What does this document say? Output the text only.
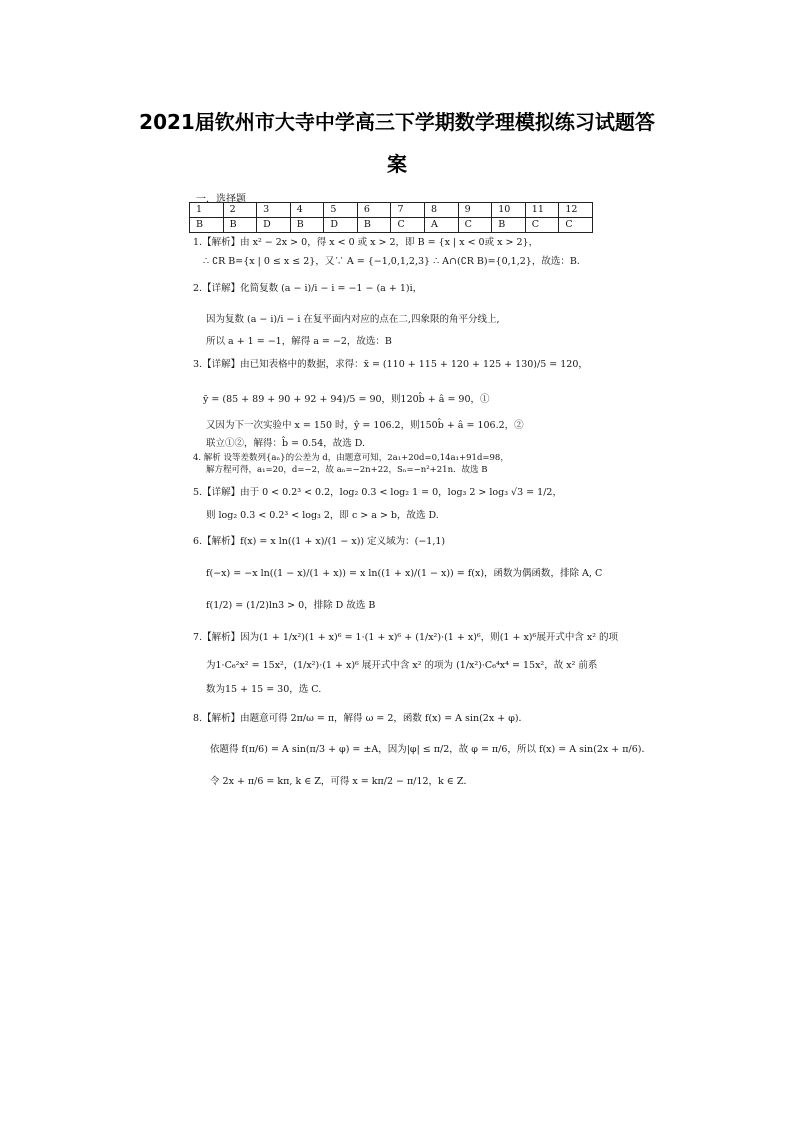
2021届钦州市大寺中学高三下学期数学理模拟练习试题答
案
一．选择题
1	2	3	4	5	6	7	8	9	10	11	12
B	B	D	B	D	B	C	A	C	B	C	C
1.【解析】由 x² − 2x > 0，得 x < 0 或 x > 2，即 B = {x | x < 0或 x > 2}，
∴ ∁R B={x | 0 ≤ x ≤ 2}，又∵ A = {−1,0,1,2,3} ∴ A∩(∁R B)={0,1,2}，故选：B.
2.【详解】化简复数 (a − i)/i − i = −1 − (a + 1)i，
因为复数 (a − i)/i − i 在复平面内对应的点在二,四象限的角平分线上,
所以 a + 1 = −1，解得 a = −2，故选：B
3.【详解】由已知表格中的数据，求得：x̄ = (110 + 115 + 120 + 125 + 130)/5 = 120，
ȳ = (85 + 89 + 90 + 92 + 94)/5 = 90，则120b̂ + â = 90，①
又因为下一次实验中 x = 150 时，ŷ = 106.2，则150b̂ + â = 106.2，②
联立①②，解得：b̂ = 0.54，故选 D.
4. 解析 设等差数列{aₙ}的公差为 d，由题意可知，2a₁+20d=0,14a₁+91d=98，
解方程可得，a₁=20，d=−2，故 aₙ=−2n+22，Sₙ=−n²+21n．故选 B
5.【详解】由于 0 < 0.2³ < 0.2，log₂ 0.3 < log₂ 1 = 0，log₃ 2 > log₃ √3 = 1/2，
则 log₂ 0.3 < 0.2³ < log₃ 2，即 c > a > b，故选 D.
6.【解析】f(x) = x ln((1 + x)/(1 − x)) 定义域为：(−1,1)
f(−x) = −x ln((1 − x)/(1 + x)) = x ln((1 + x)/(1 − x)) = f(x)，函数为偶函数，排除 A, C
f(1/2) = (1/2)ln3 > 0，排除 D 故选 B
7.【解析】因为(1 + 1/x²)(1 + x)⁶ = 1·(1 + x)⁶ + (1/x²)·(1 + x)⁶，则(1 + x)⁶展开式中含 x² 的项
为1·C₆²x² = 15x²，(1/x²)·(1 + x)⁶ 展开式中含 x² 的项为 (1/x²)·C₆⁴x⁴ = 15x²，故 x² 前系
数为15 + 15 = 30，选 C.
8.【解析】由题意可得 2π/ω = π，解得 ω = 2，函数 f(x) = A sin(2x + φ)．
依题得 f(π/6) = A sin(π/3 + φ) = ±A，因为|φ| ≤ π/2，故 φ = π/6，所以 f(x) = A sin(2x + π/6)．
令 2x + π/6 = kπ, k ∈ Z，可得 x = kπ/2 − π/12，k ∈ Z．
